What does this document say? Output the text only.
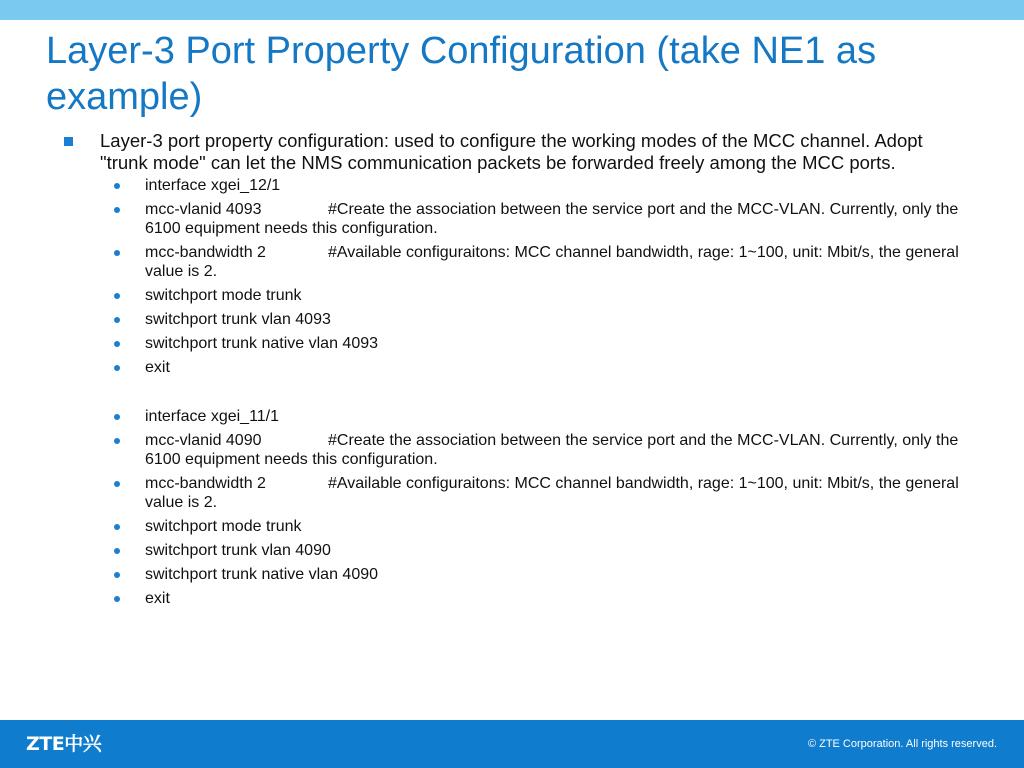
Layer-3 Port Property Configuration (take NE1 as example)
Layer-3 port property configuration: used to configure the working modes of the MCC channel. Adopt "trunk mode" can let the NMS communication packets be forwarded freely among the MCC ports.
interface xgei_12/1
mcc-vlanid 4093	#Create the association between the service port and the MCC-VLAN. Currently, only the 6100 equipment needs this configuration.
mcc-bandwidth 2	#Available configuraitons: MCC channel bandwidth, rage: 1~100, unit: Mbit/s, the general value is 2.
switchport mode trunk
switchport trunk vlan 4093
switchport trunk native vlan 4093
exit
interface xgei_11/1
mcc-vlanid 4090	#Create the association between the service port and the MCC-VLAN. Currently, only the 6100 equipment needs this configuration.
mcc-bandwidth 2	#Available configuraitons: MCC channel bandwidth, rage: 1~100, unit: Mbit/s, the general value is 2.
switchport mode trunk
switchport trunk vlan 4090
switchport trunk native vlan 4090
exit
ZTE中兴	© ZTE Corporation. All rights reserved.
